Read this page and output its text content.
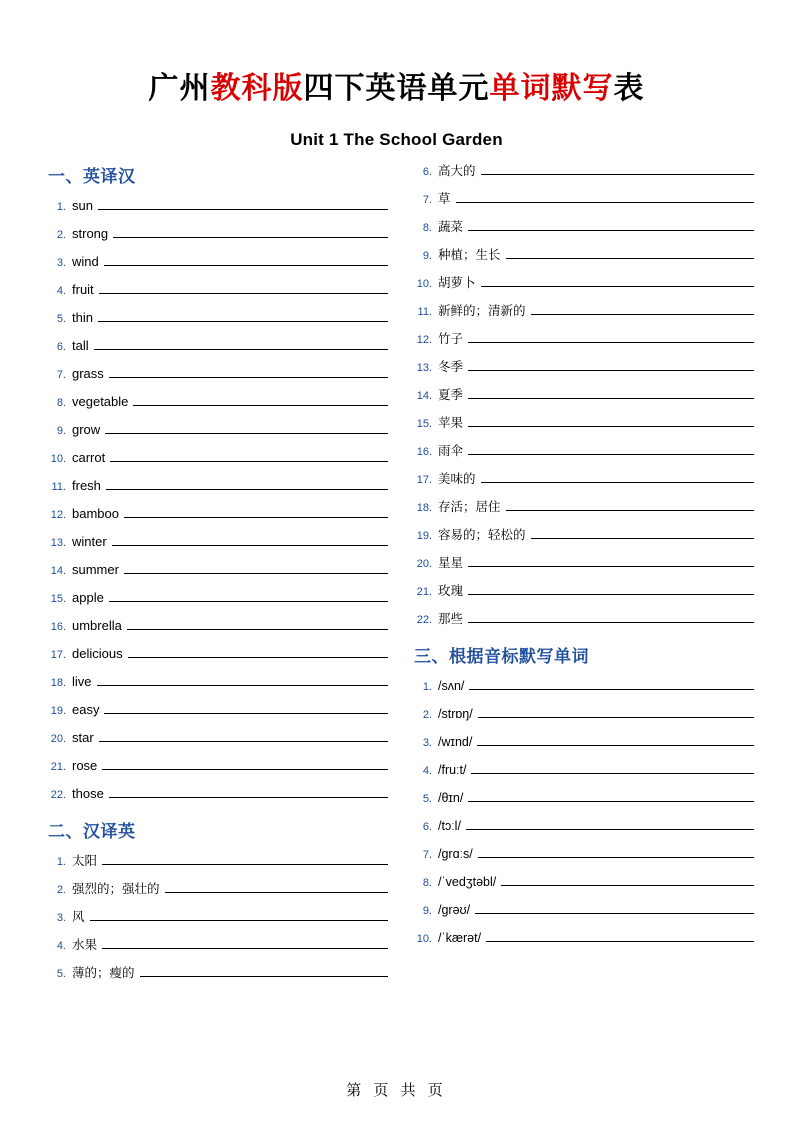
广州教科版四下英语单元单词默写表
Unit 1 The School Garden
一、英译汉
1. sun
2. strong
3. wind
4. fruit
5. thin
6. tall
7. grass
8. vegetable
9. grow
10. carrot
11. fresh
12. bamboo
13. winter
14. summer
15. apple
16. umbrella
17. delicious
18. live
19. easy
20. star
21. rose
22. those
二、汉译英
1. 太阳
2. 强烈的；强壮的
3. 风
4. 水果
5. 薄的；瘦的
6. 高大的
7. 草
8. 蔬菜
9. 种植；生长
10. 胡萝卜
11. 新鲜的；清新的
12. 竹子
13. 冬季
14. 夏季
15. 苹果
16. 雨伞
17. 美味的
18. 存活；居住
19. 容易的；轻松的
20. 星星
21. 玫瑰
22. 那些
三、根据音标默写单词
1. /sʌn/
2. /strɒŋ/
3. /wɪnd/
4. /fruːt/
5. /θɪn/
6. /tɔːl/
7. /grɑːs/
8. /ˈvedʒtəbl/
9. /grəʊ/
10. /ˈkærət/
第 页 共 页
